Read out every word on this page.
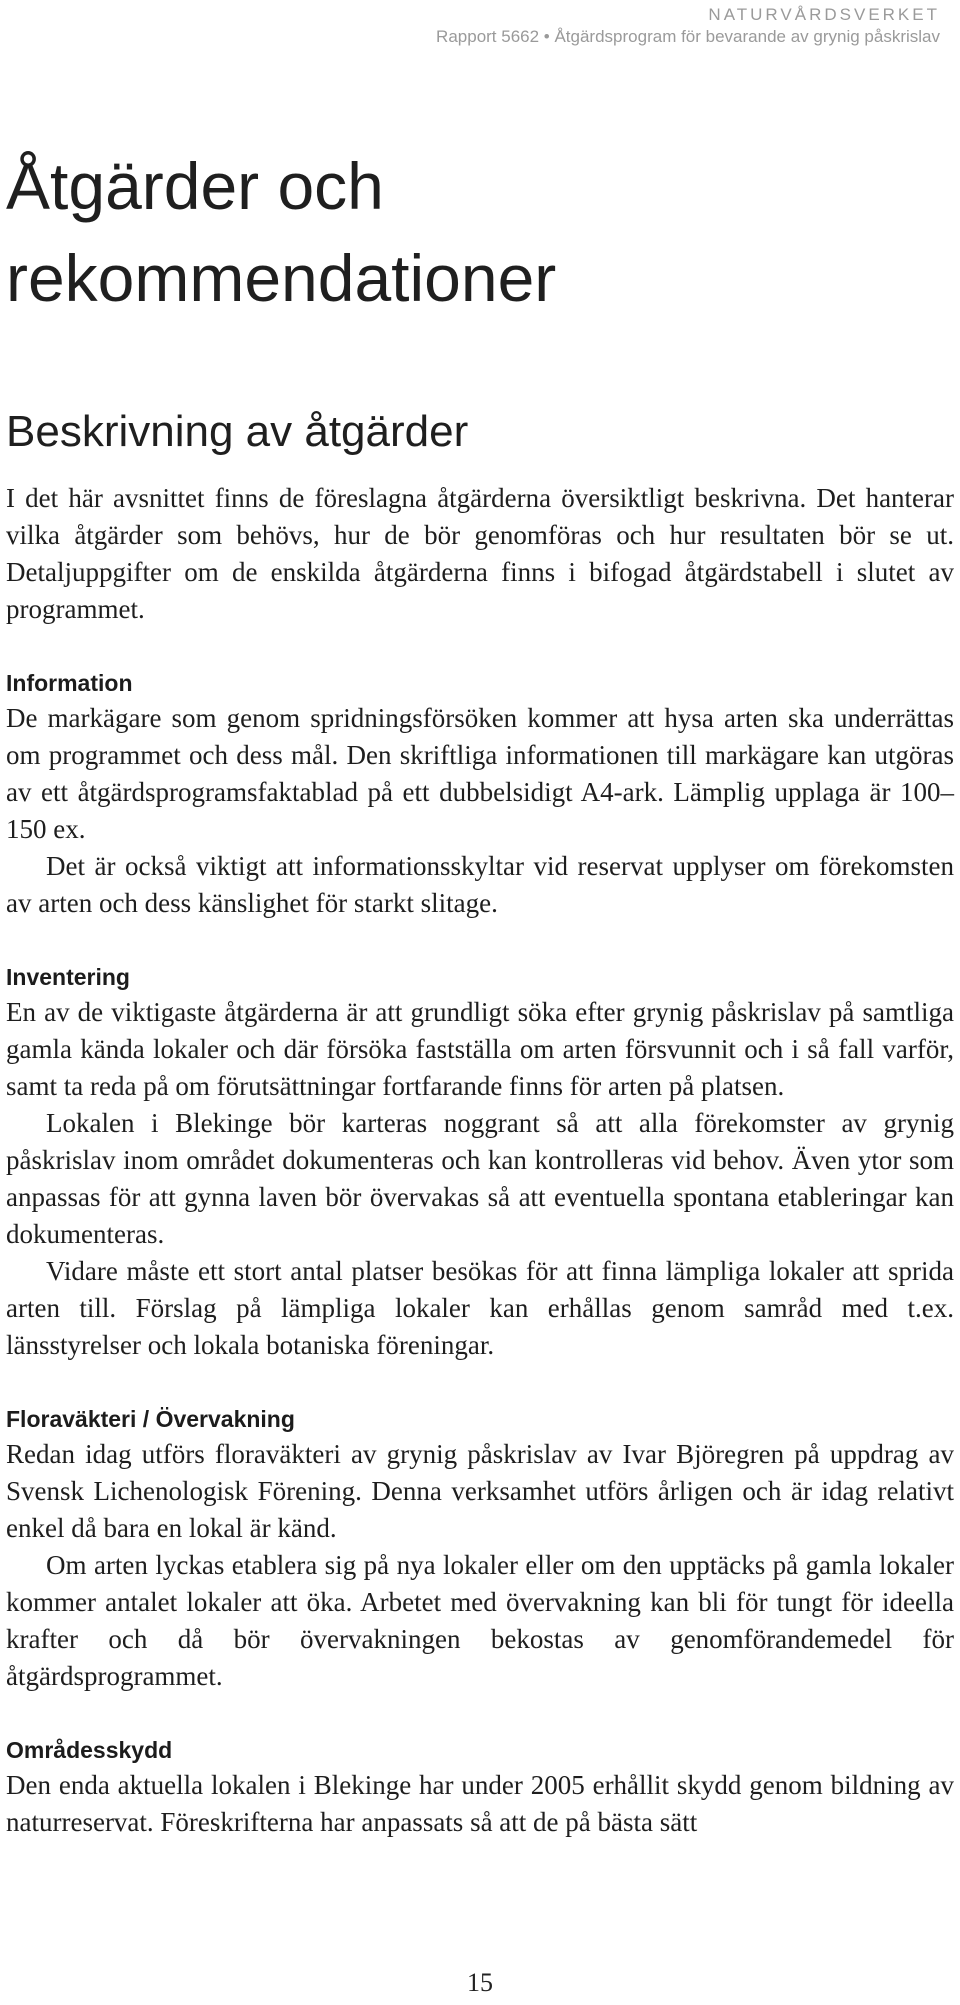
NATURVÅRDSVERKET
Rapport 5662 • Åtgärdsprogram för bevarande av grynig påskrislav
Åtgärder och rekommendationer
Beskrivning av åtgärder

I det här avsnittet finns de föreslagna åtgärderna översiktligt beskrivna. Det hanterar vilka åtgärder som behövs, hur de bör genomföras och hur resultaten bör se ut. Detaljuppgifter om de enskilda åtgärderna finns i bifogad åtgärdstabell i slutet av programmet.

Information

De markägare som genom spridningsförsöken kommer att hysa arten ska underrättas om programmet och dess mål. Den skriftliga informationen till markägare kan utgöras av ett åtgärdsprogramsfaktablad på ett dubbelsidigt A4-ark. Lämplig upplaga är 100–150 ex.

Det är också viktigt att informationsskyltar vid reservat upplyser om förekomsten av arten och dess känslighet för starkt slitage.

Inventering

En av de viktigaste åtgärderna är att grundligt söka efter grynig påskrislav på samtliga gamla kända lokaler och där försöka fastställa om arten försvunnit och i så fall varför, samt ta reda på om förutsättningar fortfarande finns för arten på platsen.

Lokalen i Blekinge bör karteras noggrant så att alla förekomster av grynig påskrislav inom området dokumenteras och kan kontrolleras vid behov. Även ytor som anpassas för att gynna laven bör övervakas så att eventuella spontana etableringar kan dokumenteras.

Vidare måste ett stort antal platser besökas för att finna lämpliga lokaler att sprida arten till. Förslag på lämpliga lokaler kan erhållas genom samråd med t.ex. länsstyrelser och lokala botaniska föreningar.

Floraväkteri / Övervakning

Redan idag utförs floraväkteri av grynig påskrislav av Ivar Björegren på uppdrag av Svensk Lichenologisk Förening. Denna verksamhet utförs årligen och är idag relativt enkel då bara en lokal är känd.

Om arten lyckas etablera sig på nya lokaler eller om den upptäcks på gamla lokaler kommer antalet lokaler att öka. Arbetet med övervakning kan bli för tungt för ideella krafter och då bör övervakningen bekostas av genomförandemedel för åtgärdsprogrammet.

Områdesskydd

Den enda aktuella lokalen i Blekinge har under 2005 erhållit skydd genom bildning av naturreservat. Föreskrifterna har anpassats så att de på bästa sätt

15
